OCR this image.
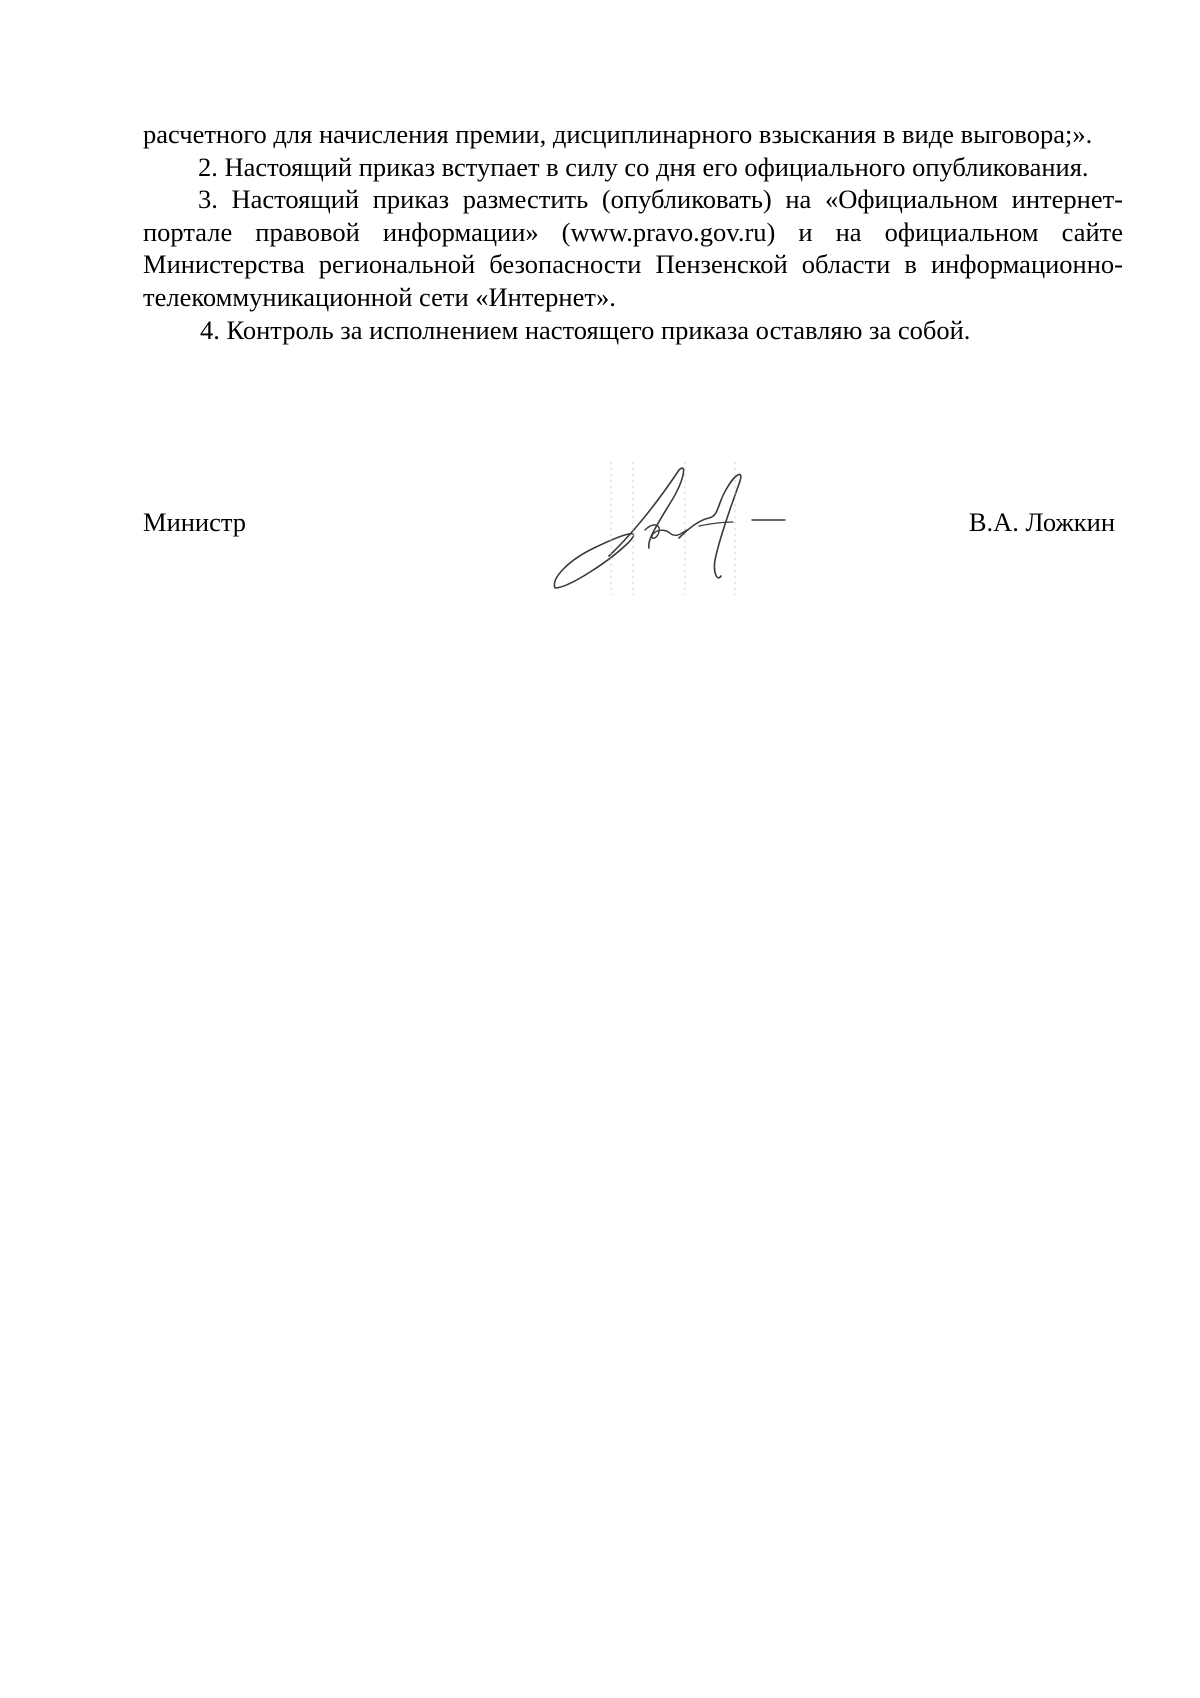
расчетного для начисления премии, дисциплинарного взыскания в виде выговора;».

2. Настоящий приказ вступает в силу со дня его официального опубликования.

3. Настоящий приказ разместить (опубликовать) на «Официальном интернет-портале правовой информации» (www.pravo.gov.ru) и на официальном сайте Министерства региональной безопасности Пензенской области в информационно-телекоммуникационной сети «Интернет».

4. Контроль за исполнением настоящего приказа оставляю за собой.

Министр	В.А. Ложкин
